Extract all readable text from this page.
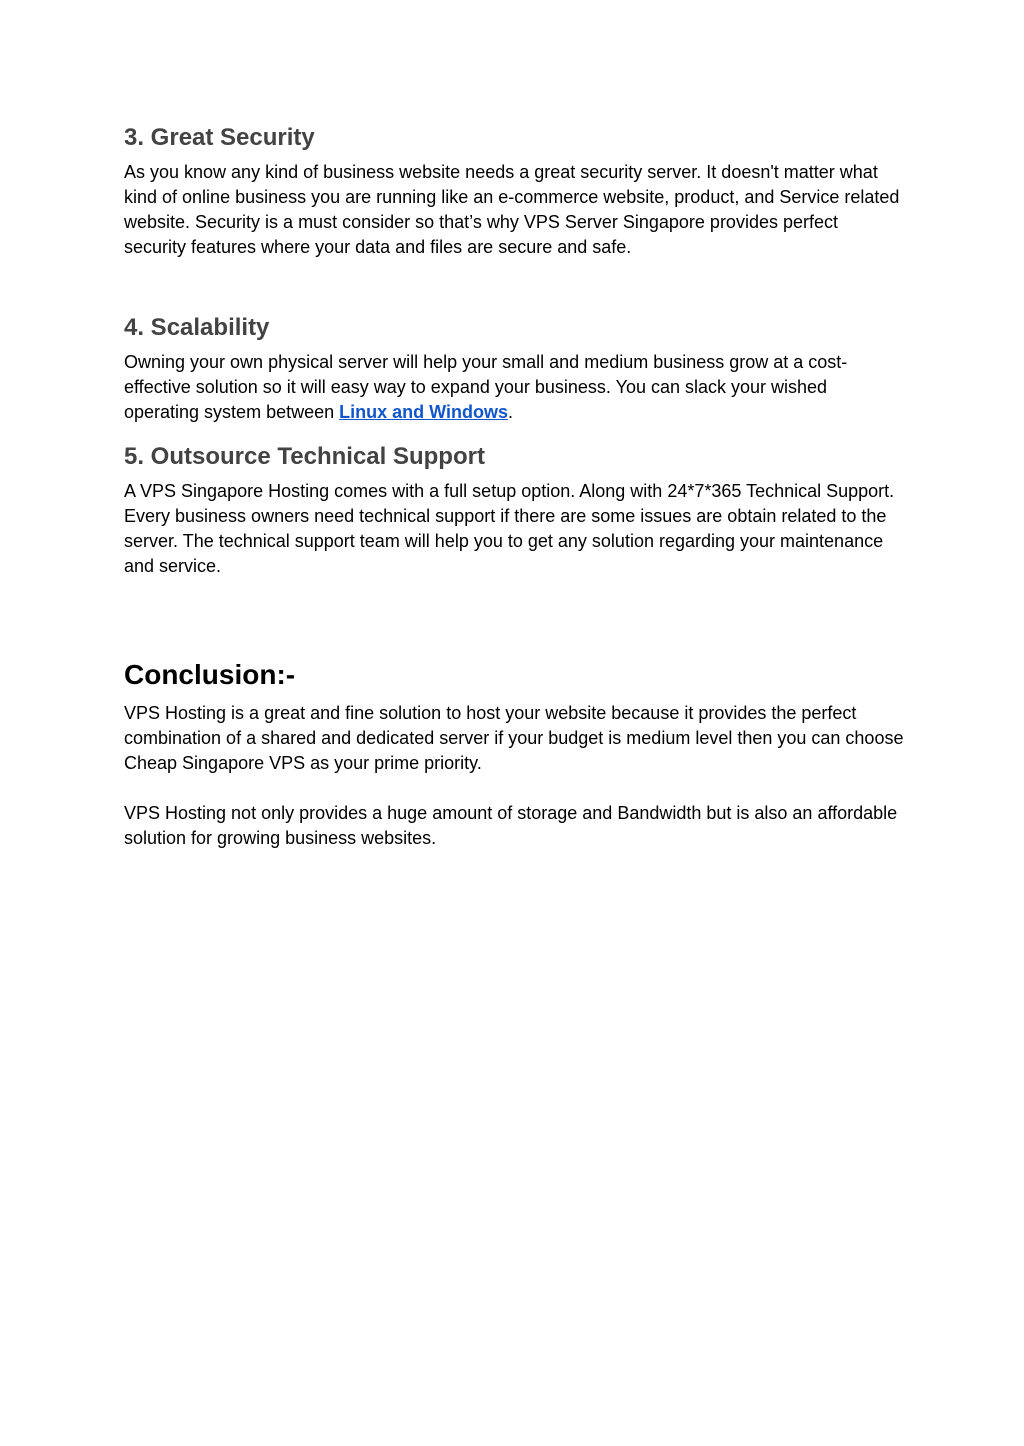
3. Great Security

As you know any kind of business website needs a great security server. It doesn't matter what kind of online business you are running like an e-commerce website, product, and Service related website. Security is a must consider so that’s why VPS Server Singapore provides perfect security features where your data and files are secure and safe.

4. Scalability

Owning your own physical server will help your small and medium business grow at a cost-effective solution so it will easy way to expand your business. You can slack your wished operating system between Linux and Windows.

5. Outsource Technical Support

A VPS Singapore Hosting comes with a full setup option. Along with 24*7*365 Technical Support. Every business owners need technical support if there are some issues are obtain related to the server. The technical support team will help you to get any solution regarding your maintenance and service.

Conclusion:-

VPS Hosting is a great and fine solution to host your website because it provides the perfect combination of a shared and dedicated server if your budget is medium level then you can choose Cheap Singapore VPS as your prime priority.

VPS Hosting not only provides a huge amount of storage and Bandwidth but is also an affordable solution for growing business websites.
